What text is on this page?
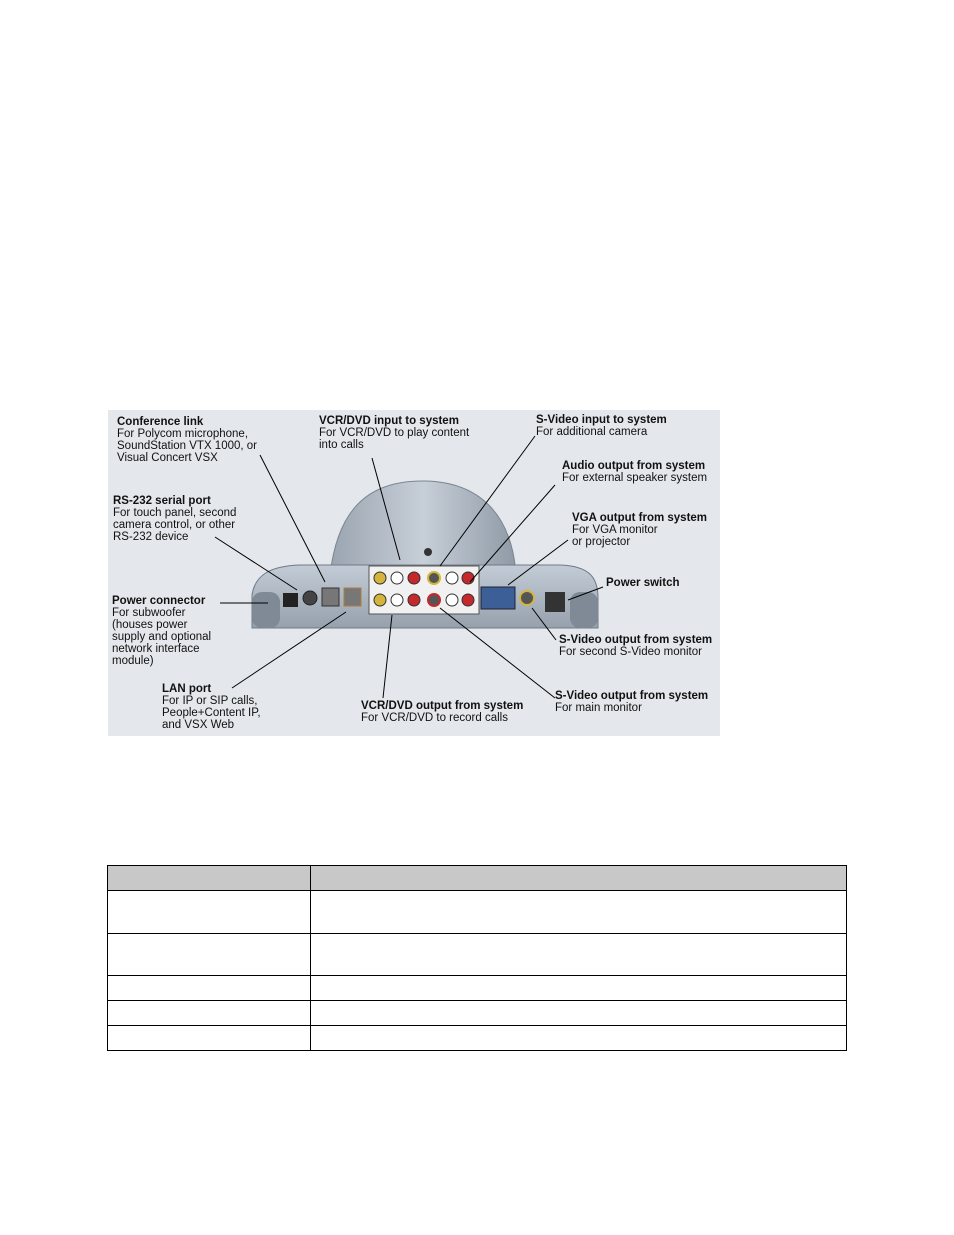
Conference link
For Polycom microphone,
SoundStation VTX 1000, or
Visual Concert VSX
RS-232 serial port
For touch panel, second
camera control, or other
RS-232 device
Power connector
For subwoofer
(houses power
supply and optional
network interface
module)
LAN port
For IP or SIP calls,
People+Content IP,
and VSX Web
VCR/DVD input to system
For VCR/DVD to play content
into calls
VCR/DVD output from system
For VCR/DVD to record calls
S-Video input to system
For additional camera
Audio output from system
For external speaker system
VGA output from system
For VGA monitor
or projector
Power switch
S-Video output from system
For second S-Video monitor
S-Video output from system
For main monitor
